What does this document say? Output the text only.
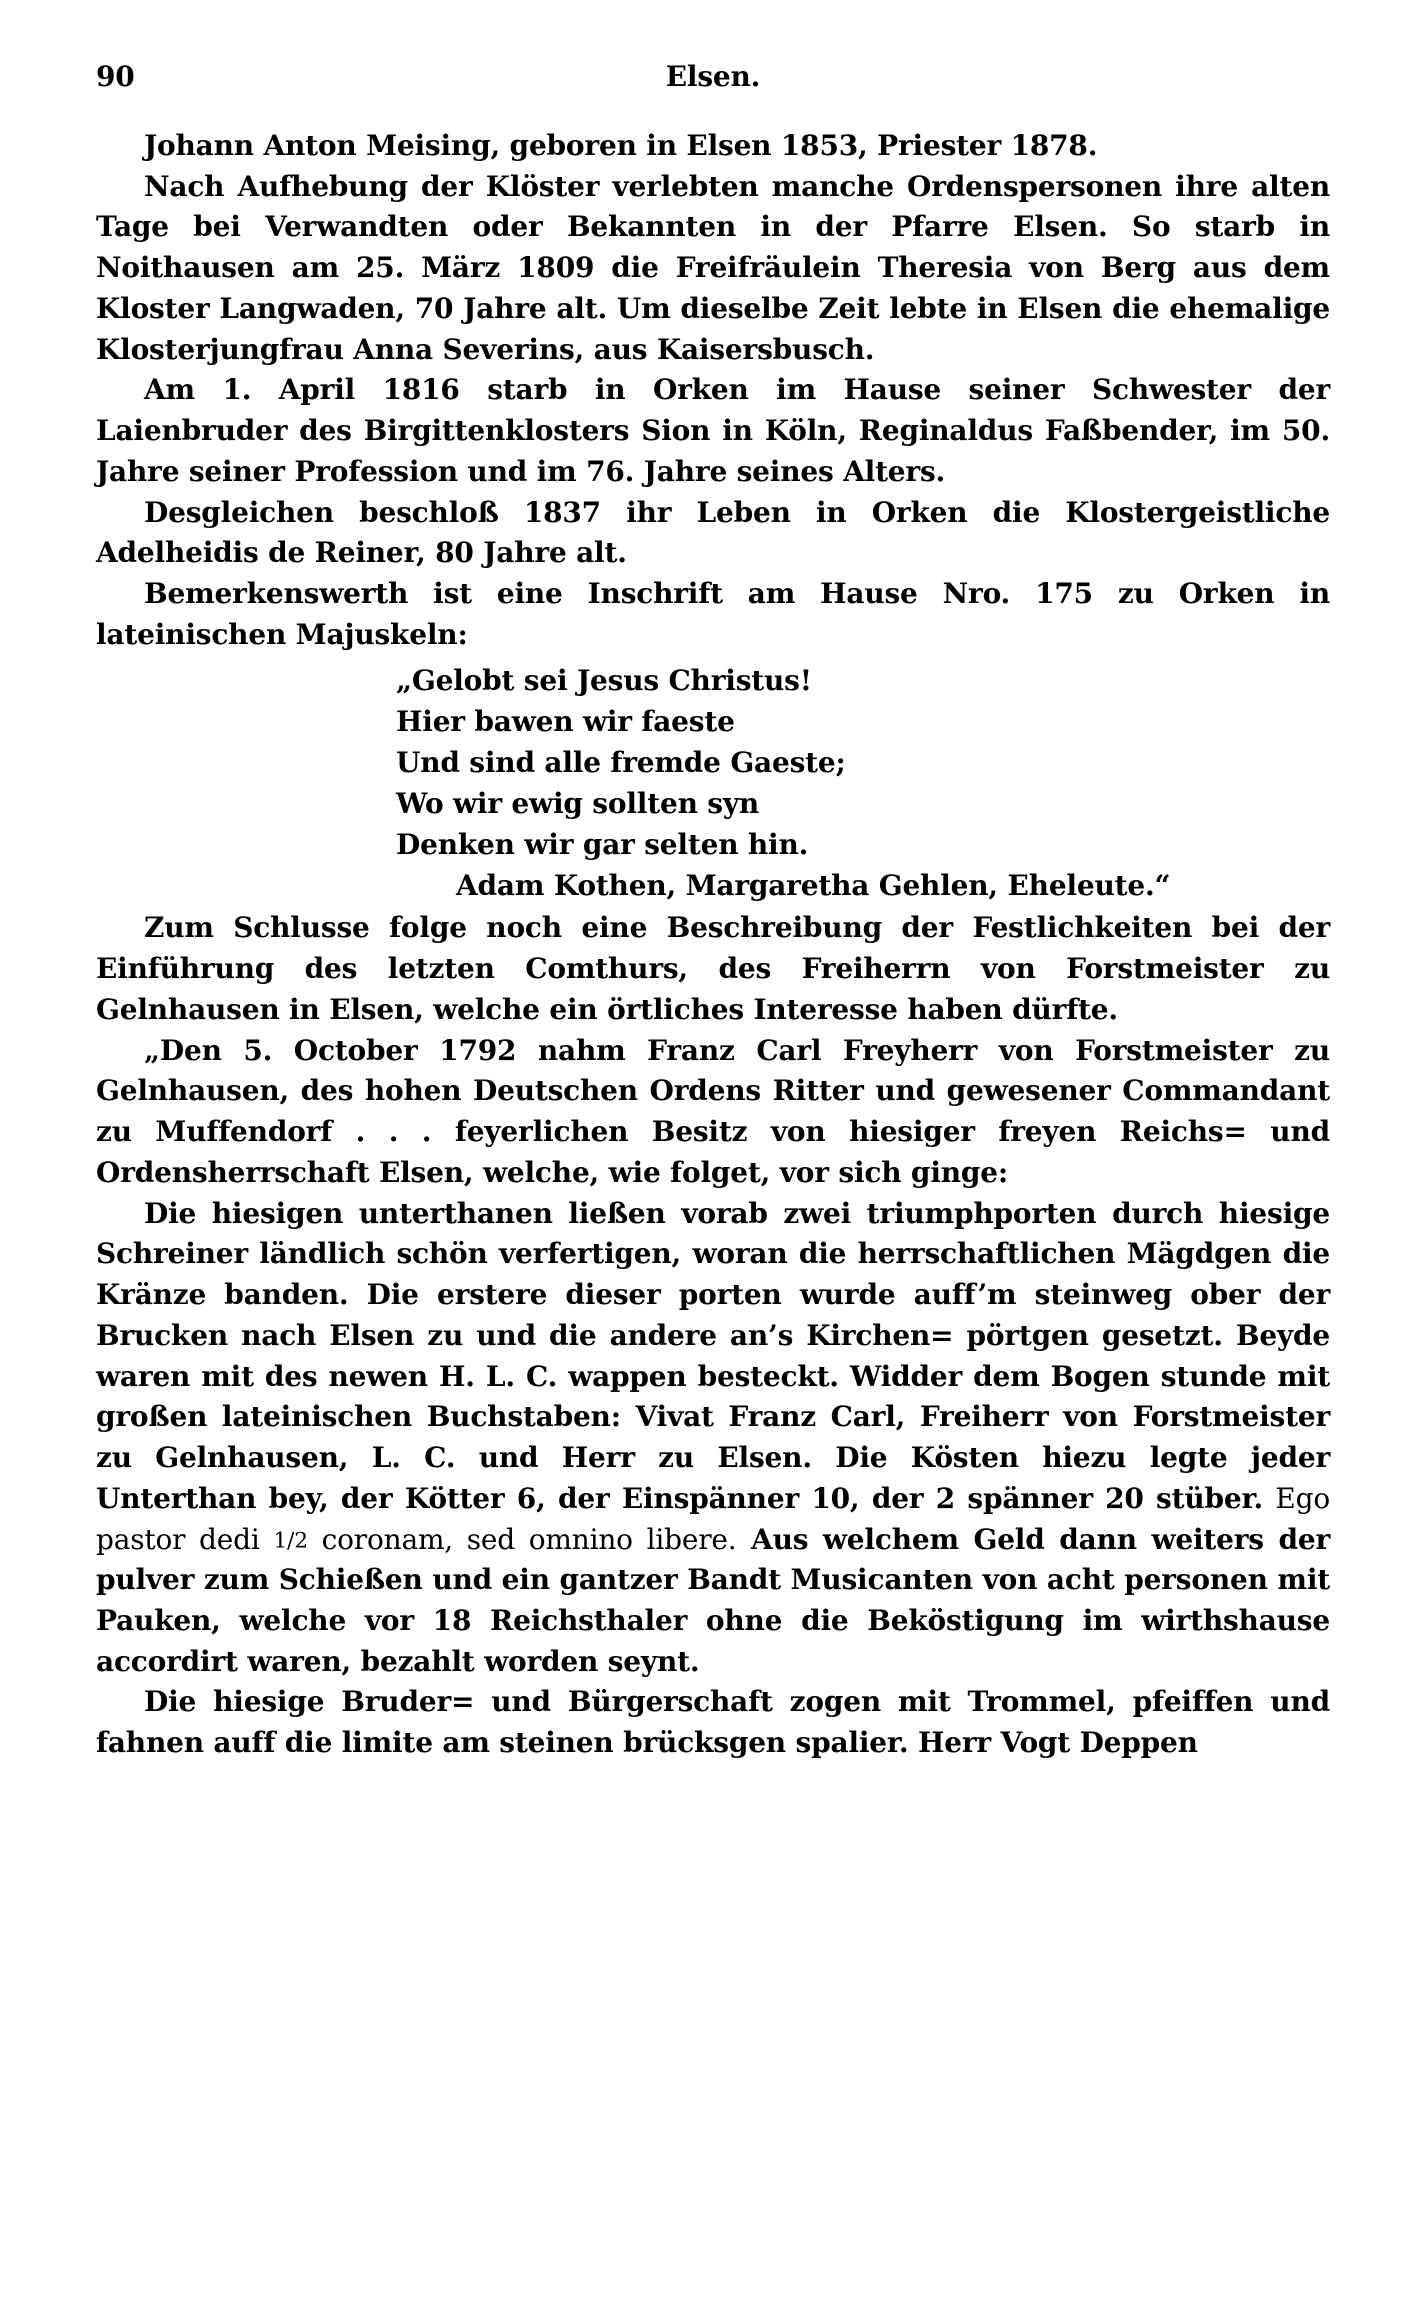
90	Elsen.

Johann Anton Meising, geboren in Elsen 1853, Priester 1878.

Nach Aufhebung der Klöster verlebten manche Ordenspersonen ihre alten Tage bei Verwandten oder Bekannten in der Pfarre Elsen. So starb in Noithausen am 25. März 1809 die Freifräulein Theresia von Berg aus dem Kloster Langwaden, 70 Jahre alt. Um dieselbe Zeit lebte in Elsen die ehemalige Klosterjungfrau Anna Severins, aus Kaisersbusch.

Am 1. April 1816 starb in Orken im Hause seiner Schwester der Laienbruder des Birgittenklosters Sion in Köln, Reginaldus Faßbender, im 50. Jahre seiner Profession und im 76. Jahre seines Alters.

Desgleichen beschloß 1837 ihr Leben in Orken die Klostergeistliche Adelheidis de Reiner, 80 Jahre alt.

Bemerkenswerth ist eine Inschrift am Hause Nro. 175 zu Orken in lateinischen Majuskeln:

„Gelobt sei Jesus Christus!
Hier bawen wir faeste
Und sind alle fremde Gaeste;
Wo wir ewig sollten syn
Denken wir gar selten hin.
Adam Kothen, Margaretha Gehlen, Eheleute.“

Zum Schlusse folge noch eine Beschreibung der Festlichkeiten bei der Einführung des letzten Comthurs, des Freiherrn von Forstmeister zu Gelnhausen in Elsen, welche ein örtliches Interesse haben dürfte.

„Den 5. October 1792 nahm Franz Carl Freyherr von Forstmeister zu Gelnhausen, des hohen Deutschen Ordens Ritter und gewesener Commandant zu Muffendorf . . . feyerlichen Besitz von hiesiger freyen Reichs= und Ordensherrschaft Elsen, welche, wie folget, vor sich ginge:

Die hiesigen unterthanen ließen vorab zwei triumphporten durch hiesige Schreiner ländlich schön verfertigen, woran die herrschaftlichen Mägdgen die Kränze banden. Die erstere dieser porten wurde auff’m steinweg ober der Brucken nach Elsen zu und die andere an’s Kirchen= pörtgen gesetzt. Beyde waren mit des newen H. L. C. wappen besteckt. Widder dem Bogen stunde mit großen lateinischen Buchstaben: Vivat Franz Carl, Freiherr von Forstmeister zu Gelnhausen, L. C. und Herr zu Elsen. Die Kösten hiezu legte jeder Unterthan bey, der Kötter 6, der Einspänner 10, der 2 spänner 20 stüber. Ego pastor dedi 1/2 coronam, sed omnino libere. Aus welchem Geld dann weiters der pulver zum Schießen und ein gantzer Bandt Musicanten von acht personen mit Pauken, welche vor 18 Reichsthaler ohne die Beköstigung im wirthshause accordirt waren, bezahlt worden seynt.

Die hiesige Bruder= und Bürgerschaft zogen mit Trommel, pfeiffen und fahnen auff die limite am steinen brücksgen spalier. Herr Vogt Deppen
